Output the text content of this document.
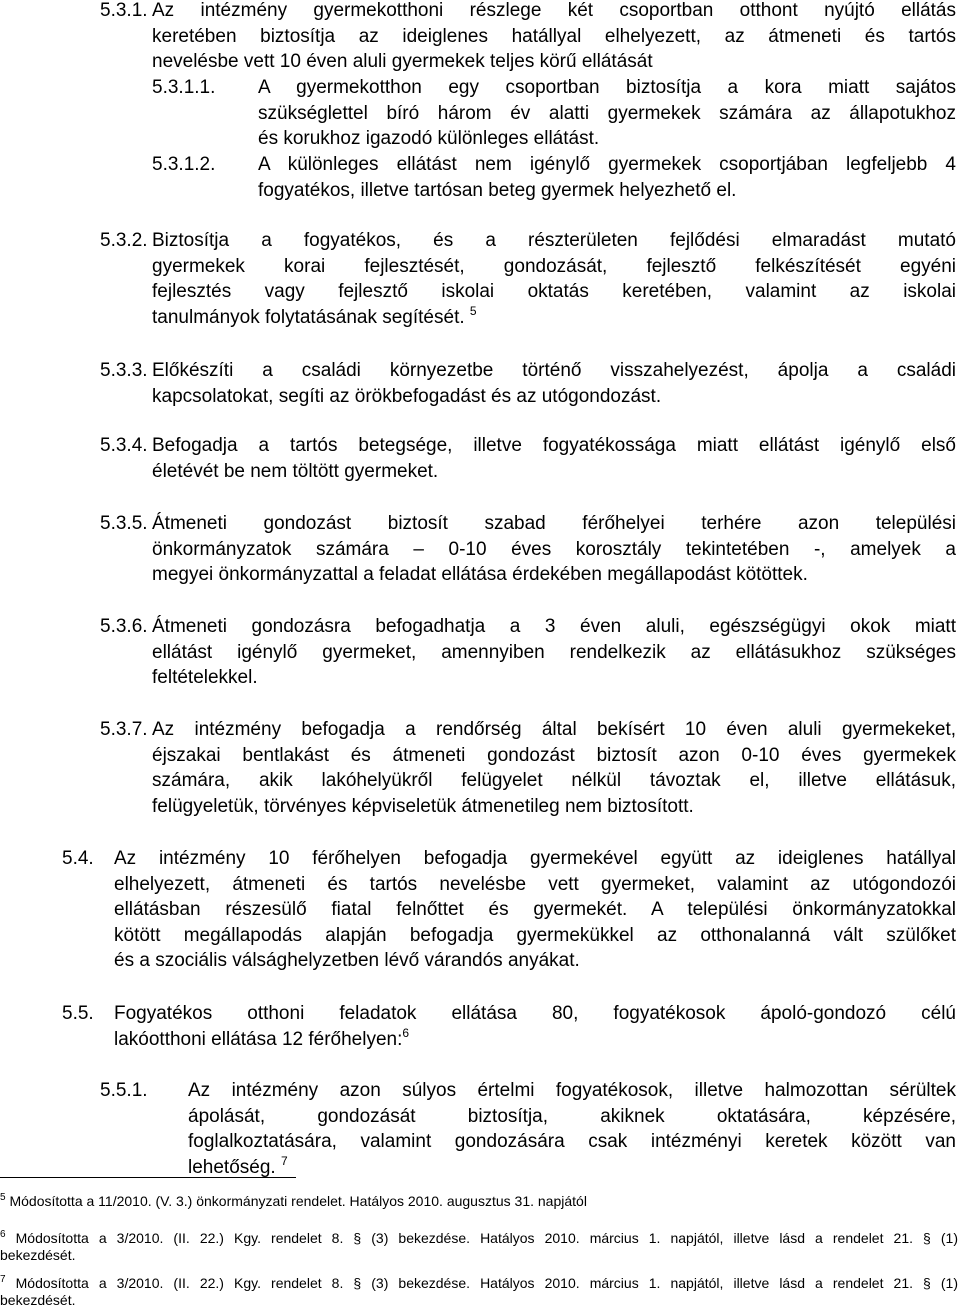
5.3.1. Az intézmény gyermekotthoni részlege két csoportban otthont nyújtó ellátás
keretében biztosítja az ideiglenes hatállyal elhelyezett, az átmeneti és tartós
nevelésbe vett 10 éven aluli gyermekek teljes körű ellátását
5.3.1.1. A gyermekotthon egy csoportban biztosítja a kora miatt sajátos
szükséglettel bíró három év alatti gyermekek számára az állapotukhoz
és korukhoz igazodó különleges ellátást.
5.3.1.2. A különleges ellátást nem igénylő gyermekek csoportjában legfeljebb 4
fogyatékos, illetve tartósan beteg gyermek helyezhető el.
5.3.2. Biztosítja a fogyatékos, és a részterületen fejlődési elmaradást mutató
gyermekek korai fejlesztését, gondozását, fejlesztő felkészítését egyéni
fejlesztés vagy fejlesztő iskolai oktatás keretében, valamint az iskolai
tanulmányok folytatásának segítését. $^5$
5.3.3. Előkészíti a családi környezetbe történő visszahelyezést, ápolja a családi
kapcsolatokat, segíti az örökbefogadást és az utógondozást.
5.3.4. Befogadja a tartós betegsége, illetve fogyatékossága miatt ellátást igénylő első
életévét be nem töltött gyermeket.
5.3.5. Átmeneti gondozást biztosít szabad férőhelyei terhére azon települési
önkormányzatok számára – 0-10 éves korosztály tekintetében -, amelyek a
megyei önkormányzattal a feladat ellátása érdekében megállapodást kötöttek.
5.3.6. Átmeneti gondozásra befogadhatja a 3 éven aluli, egészségügyi okok miatt
ellátást igénylő gyermeket, amennyiben rendelkezik az ellátásukhoz szükséges
feltételekkel.
5.3.7. Az intézmény befogadja a rendőrség által bekísért 10 éven aluli gyermekeket,
éjszakai bentlakást és átmeneti gondozást biztosít azon 0-10 éves gyermekek
számára, akik lakóhelyükről felügyelet nélkül távoztak el, illetve ellátásuk,
felügyeletük, törvényes képviseletük átmenetileg nem biztosított.
5.4. Az intézmény 10 férőhelyen befogadja gyermekével együtt az ideiglenes hatállyal
elhelyezett, átmeneti és tartós nevelésbe vett gyermeket, valamint az utógondozói
ellátásban részesülő fiatal felnőttet és gyermekét. A települési önkormányzatokkal
kötött megállapodás alapján befogadja gyermekükkel az otthonalanná vált szülőket
és a szociális válsághelyzetben lévő várandós anyákat.
5.5. Fogyatékos otthoni feladatok ellátása 80, fogyatékosok ápoló-gondozó célú
lakóotthoni ellátása 12 férőhelyen:$^6$
5.5.1. Az intézmény azon súlyos értelmi fogyatékosok, illetve halmozottan sérültek
ápolását, gondozását biztosítja, akiknek oktatására, képzésére,
foglalkoztatására, valamint gondozására csak intézményi keretek között van
lehetőség. $^7$
$^5$ Módosította a 11/2010. (V. 3.) önkormányzati rendelet. Hatályos 2010. augusztus 31. napjától
$^6$ Módosította a 3/2010. (II. 22.) Kgy. rendelet 8. § (3) bekezdése. Hatályos 2010. március 1. napjától, illetve lásd a rendelet 21. § (1)
bekezdését.
$^7$ Módosította a 3/2010. (II. 22.) Kgy. rendelet 8. § (3) bekezdése. Hatályos 2010. március 1. napjától, illetve lásd a rendelet 21. § (1)
bekezdését.
